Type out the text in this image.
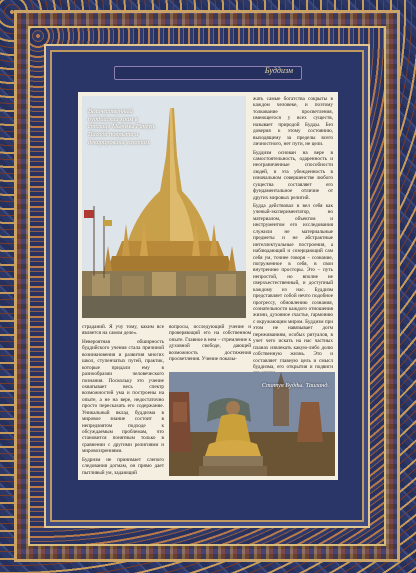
Буддизм
Величественный буддийский храм в столице Мьянмы Рангун. Пагода покрыта и декорирована золотом.
жать самые богатства сокрыты в каждом человеке, и поэтому толкование просветления, имеющегося у всех существ, называет природой Будды. Без доверия к этому состоянию, выходящему за пределы всего личностного, нет пути, не цели.
Буддизм основан на вере в самостоятельность, одаренность и неограниченные способности людей, и эта убежденность в изначальном совершенстве любого существа составляет его фундаментальное отличие от других мировых религий.
Будда действовал и вел себя как ученый-экспериментатор, но материалом, объектом и инструментом его исследования служили не материальные предметы и не абстрактные интеллектуальные построения, а наблюдающий и созерцающий сам себя ум, точнее говоря – сознание, погруженное в себя, в свои внутренние просторы. Это – путь непростой, но вполне не сверхъестественный, и доступный каждому из нас. Буддизм представляет собой нечто подобное прогрессу, обновлению сознания, сознательности каждого отношения жизни, духовное счастье, гармонию с окружающим миром. Буддизм при этом не навязывает догм переживаниям, особых ритуалов, в учет чего искать на нас частных планах извлекать какую-либо долю собственную жизнь. Это и составляет главную цель и смысл буддизма, его открытия и подвиги
страданий. Я учу тому, каким все является на самом деле».
Невероятная обширность буддийского учения стала причиной возникновения и развития многих школ, ступенчатых путей, практик, которые придали ему в разнообразии человеческого познания. Поскольку это учение охватывает весь спектр возможностей ума и построены на опыте, а не на вере, недостаточно просто пересказать его содержание. Уникальный вклад буддизма в мировое знание состоит в непредвзятом подходе к обсуждаемым проблемам, что становится понятным только в сравнении с другими религиями и мировоззрениями.
Будризм не принимает слепого следования догмам, он прямо дает пытливый ум, задающий
вопросы, исследующий учение и проверяющий его на собственном опыте. Главное в нем – стремление к духовной свободе, дающей возможность достижения просветления. Учение показы-
Статуя Будды. Таиланд.
